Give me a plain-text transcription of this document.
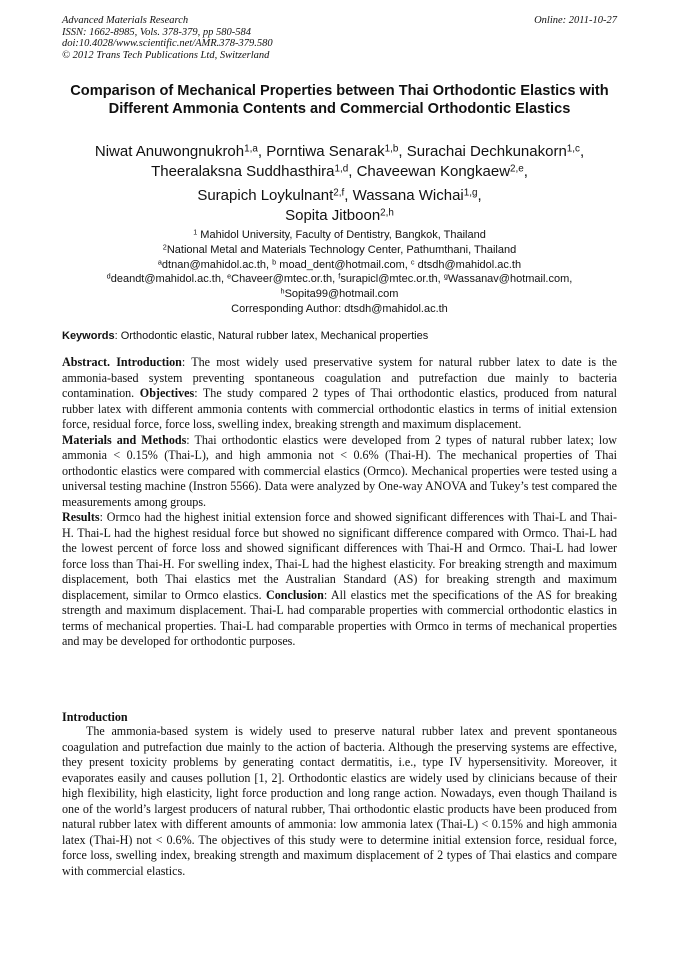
Advanced Materials Research
ISSN: 1662-8985, Vols. 378-379, pp 580-584
doi:10.4028/www.scientific.net/AMR.378-379.580
© 2012 Trans Tech Publications Ltd, Switzerland
Online: 2011-10-27
Comparison of Mechanical Properties between Thai Orthodontic Elastics with Different Ammonia Contents and Commercial Orthodontic Elastics
Niwat Anuwongnukroh$^{1,a}$, Porntiwa Senarak$^{1,b}$, Surachai Dechkunakorn$^{1,c}$,
Theeralaksna Suddhasthira$^{1,d}$, Chaveewan Kongkaew$^{2,e}$,
Surapich Loykulnant$^{2,f}$, Wassana Wichai$^{1,g}$,
Sopita Jitboon$^{2,h}$
$^1$ Mahidol University, Faculty of Dentistry, Bangkok, Thailand
$^2$National Metal and Materials Technology Center, Pathumthani, Thailand
$^a$dtnan@mahidol.ac.th, $^b$ moad_dent@hotmail.com, $^c$ dtsdh@mahidol.ac.th
$^d$deandt@mahidol.ac.th, $^e$Chaveer@mtec.or.th, $^f$surapicl@mtec.or.th, $^g$Wassanav@hotmail.com,
$^h$Sopita99@hotmail.com
Corresponding Author: dtsdh@mahidol.ac.th
Keywords: Orthodontic elastic, Natural rubber latex, Mechanical properties

Abstract. Introduction: The most widely used preservative system for natural rubber latex to date is the ammonia-based system preventing spontaneous coagulation and putrefaction due mainly to bacteria contamination. Objectives: The study compared 2 types of Thai orthodontic elastics, produced from natural rubber latex with different ammonia contents with commercial orthodontic elastics in terms of initial extension force, residual force, force loss, swelling index, breaking strength and maximum displacement.

Materials and Methods: Thai orthodontic elastics were developed from 2 types of natural rubber latex; low ammonia < 0.15% (Thai-L), and high ammonia not < 0.6% (Thai-H). The mechanical properties of Thai orthodontic elastics were compared with commercial elastics (Ormco). Mechanical properties were tested using a universal testing machine (Instron 5566). Data were analyzed by One-way ANOVA and Tukey’s test compared the measurements among groups.

Results: Ormco had the highest initial extension force and showed significant differences with Thai-L and Thai-H. Thai-L had the highest residual force but showed no significant difference compared with Ormco. Thai-L had the lowest percent of force loss and showed significant differences with Thai-H and Ormco. Thai-L had lower force loss than Thai-H. For swelling index, Thai-L had the highest elasticity. For breaking strength and maximum displacement, both Thai elastics met the Australian Standard (AS) for breaking strength and maximum displacement, similar to Ormco elastics. Conclusion: All elastics met the specifications of the AS for breaking strength and maximum displacement. Thai-L had comparable properties with commercial orthodontic elastics in terms of mechanical properties. Thai-L had comparable properties with Ormco in terms of mechanical properties and may be developed for orthodontic purposes.

Introduction

The ammonia-based system is widely used to preserve natural rubber latex and prevent spontaneous coagulation and putrefaction due mainly to the action of bacteria. Although the preserving systems are effective, they present toxicity problems by generating contact dermatitis, i.e., type IV hypersensitivity. Moreover, it evaporates easily and causes pollution [1, 2]. Orthodontic elastics are widely used by clinicians because of their high flexibility, high elasticity, light force production and long range action. Nowadays, even though Thailand is one of the world’s largest producers of natural rubber, Thai orthodontic elastic products have been produced from natural rubber latex with different amounts of ammonia: low ammonia latex (Thai-L) < 0.15% and high ammonia latex (Thai-H) not < 0.6%. The objectives of this study were to determine initial extension force, residual force, force loss, swelling index, breaking strength and maximum displacement of 2 types of Thai elastics and compare with commercial elastics.
